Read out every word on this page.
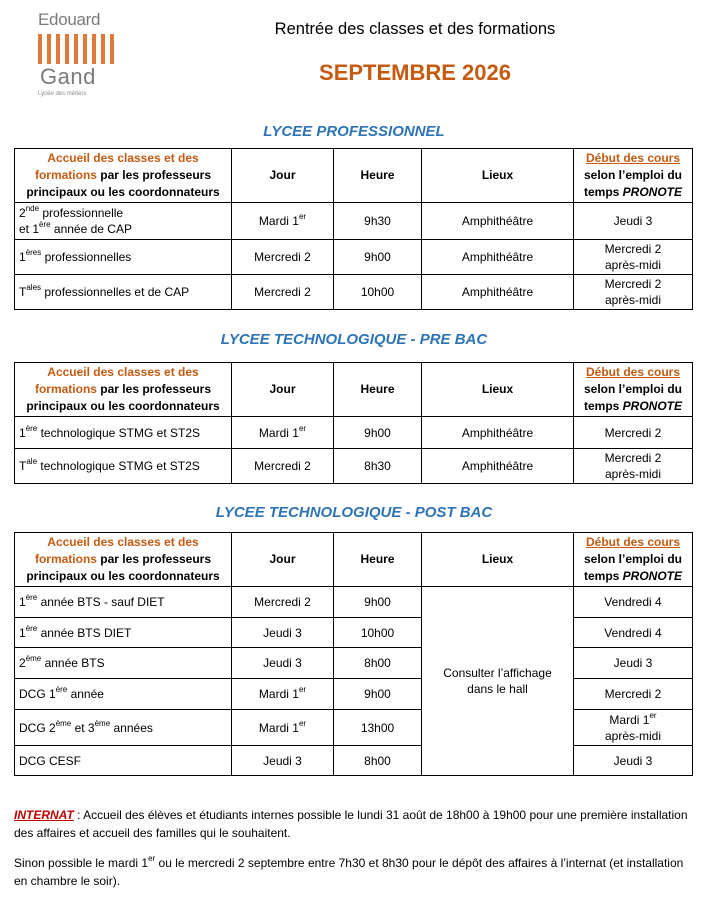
Edouard
Gand
Lycée des métiers
Rentrée des classes et des formations
SEPTEMBRE 2026
LYCEE PROFESSIONNEL
Accueil des classes et des formations par les professeurs principaux ou les coordonnateurs	Jour	Heure	Lieux	Début des cours
selon l’emploi du temps PRONOTE
2nde professionnelle
et 1ère année de CAP	Mardi 1er	9h30	Amphithéâtre	Jeudi 3
1ères professionnelles	Mercredi 2	9h00	Amphithéâtre	Mercredi 2
après-midi
$T^{ales}$ professionnelles et de CAP	Mercredi 2	10h00	Amphithéâtre	Mercredi 2
après-midi
LYCEE TECHNOLOGIQUE - PRE BAC
Accueil des classes et des formations par les professeurs principaux ou les coordonnateurs	Jour	Heure	Lieux	Début des cours
selon l’emploi du temps PRONOTE
1ère technologique STMG et ST2S	Mardi 1er	9h00	Amphithéâtre	Mercredi 2
$T^{ale}$ technologique STMG et ST2S	Mercredi 2	8h30	Amphithéâtre	Mercredi 2
après-midi
LYCEE TECHNOLOGIQUE - POST BAC
Accueil des classes et des formations par les professeurs principaux ou les coordonnateurs	Jour	Heure	Lieux	Début des cours
selon l’emploi du temps PRONOTE
1ère année BTS - sauf DIET	Mercredi 2	9h00	Consulter l’affichage dans le hall	Vendredi 4
1ère année BTS DIET	Jeudi 3	10h00		Vendredi 4
2ème année BTS	Jeudi 3	8h00		Jeudi 3
DCG 1ère année	Mardi 1er	9h00		Mercredi 2
DCG 2ème et 3ème années	Mardi 1er	13h00		Mardi 1er
après-midi
DCG CESF	Jeudi 3	8h00		Jeudi 3

INTERNAT : Accueil des élèves et étudiants internes possible le lundi 31 août de 18h00 à 19h00 pour une première installation des affaires et accueil des familles qui le souhaitent.

Sinon possible le mardi 1er ou le mercredi 2 septembre entre 7h30 et 8h30 pour le dépôt des affaires à l’internat (et installation en chambre le soir).
